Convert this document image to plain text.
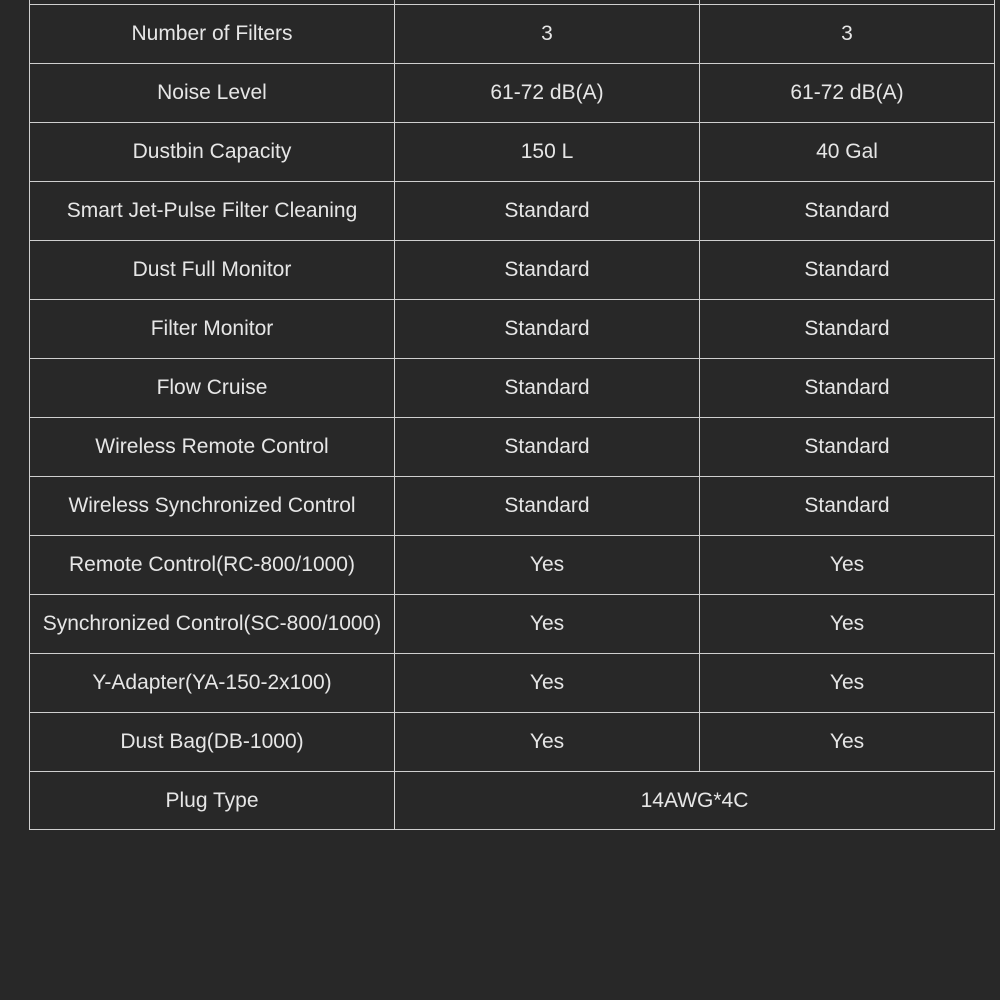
Number of Filters	3	3
Noise Level	61-72 dB(A)	61-72 dB(A)
Dustbin Capacity	150 L	40 Gal
Smart Jet-Pulse Filter Cleaning	Standard	Standard
Dust Full Monitor	Standard	Standard
Filter Monitor	Standard	Standard
Flow Cruise	Standard	Standard
Wireless Remote Control	Standard	Standard
Wireless Synchronized Control	Standard	Standard
Remote Control(RC-800/1000)	Yes	Yes
Synchronized Control(SC-800/1000)	Yes	Yes
Y-Adapter(YA-150-2x100)	Yes	Yes
Dust Bag(DB-1000)	Yes	Yes
Plug Type	14AWG*4C	
